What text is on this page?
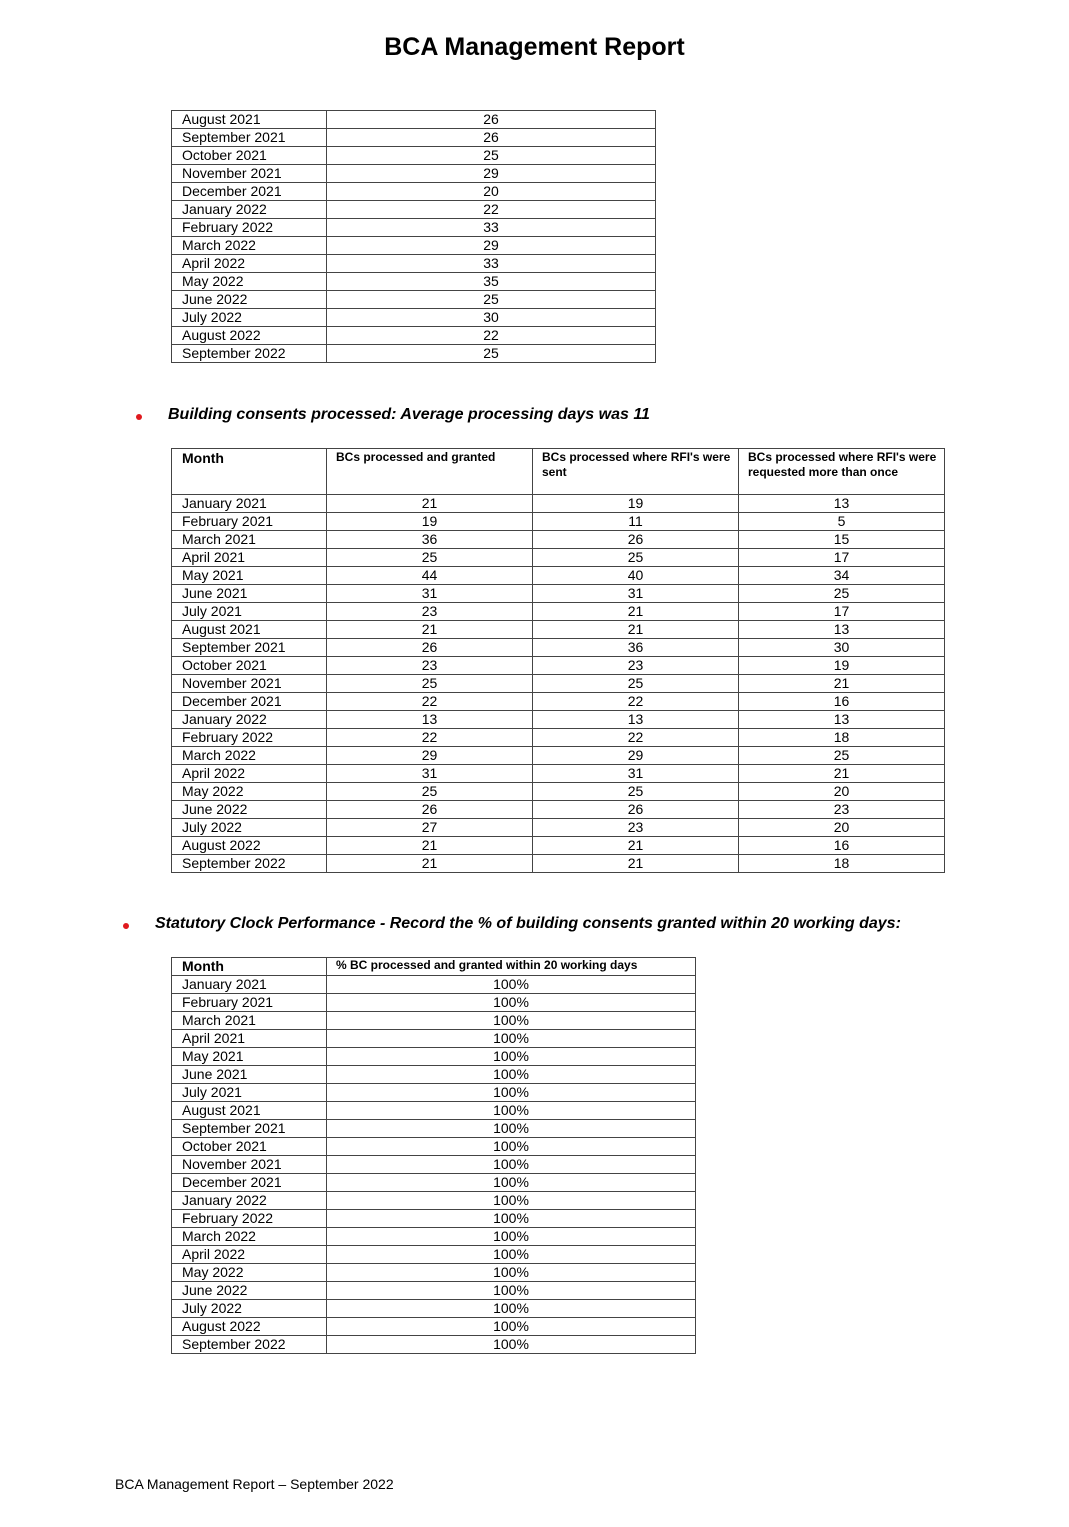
BCA Management Report
August 2021	26
September 2021	26
October 2021	25
November 2021	29
December 2021	20
January 2022	22
February 2022	33
March 2022	29
April 2022	33
May 2022	35
June 2022	25
July 2022	30
August 2022	22
September 2022	25

Building consents processed: Average processing days was 11

Month	BCs processed and granted	BCs processed where RFI's were sent	BCs processed where RFI's were requested more than once
January 2021	21	19	13
February 2021	19	11	5
March 2021	36	26	15
April 2021	25	25	17
May 2021	44	40	34
June 2021	31	31	25
July 2021	23	21	17
August 2021	21	21	13
September 2021	26	36	30
October 2021	23	23	19
November 2021	25	25	21
December 2021	22	22	16
January 2022	13	13	13
February 2022	22	22	18
March 2022	29	29	25
April 2022	31	31	21
May 2022	25	25	20
June 2022	26	26	23
July 2022	27	23	20
August 2022	21	21	16
September 2022	21	21	18

Statutory Clock Performance - Record the % of building consents granted within 20 working days:

Month	% BC processed and granted within 20 working days
January 2021	100%
February 2021	100%
March 2021	100%
April 2021	100%
May 2021	100%
June 2021	100%
July 2021	100%
August 2021	100%
September 2021	100%
October 2021	100%
November 2021	100%
December 2021	100%
January 2022	100%
February 2022	100%
March 2022	100%
April 2022	100%
May 2022	100%
June 2022	100%
July 2022	100%
August 2022	100%
September 2022	100%

BCA Management Report – September 2022
